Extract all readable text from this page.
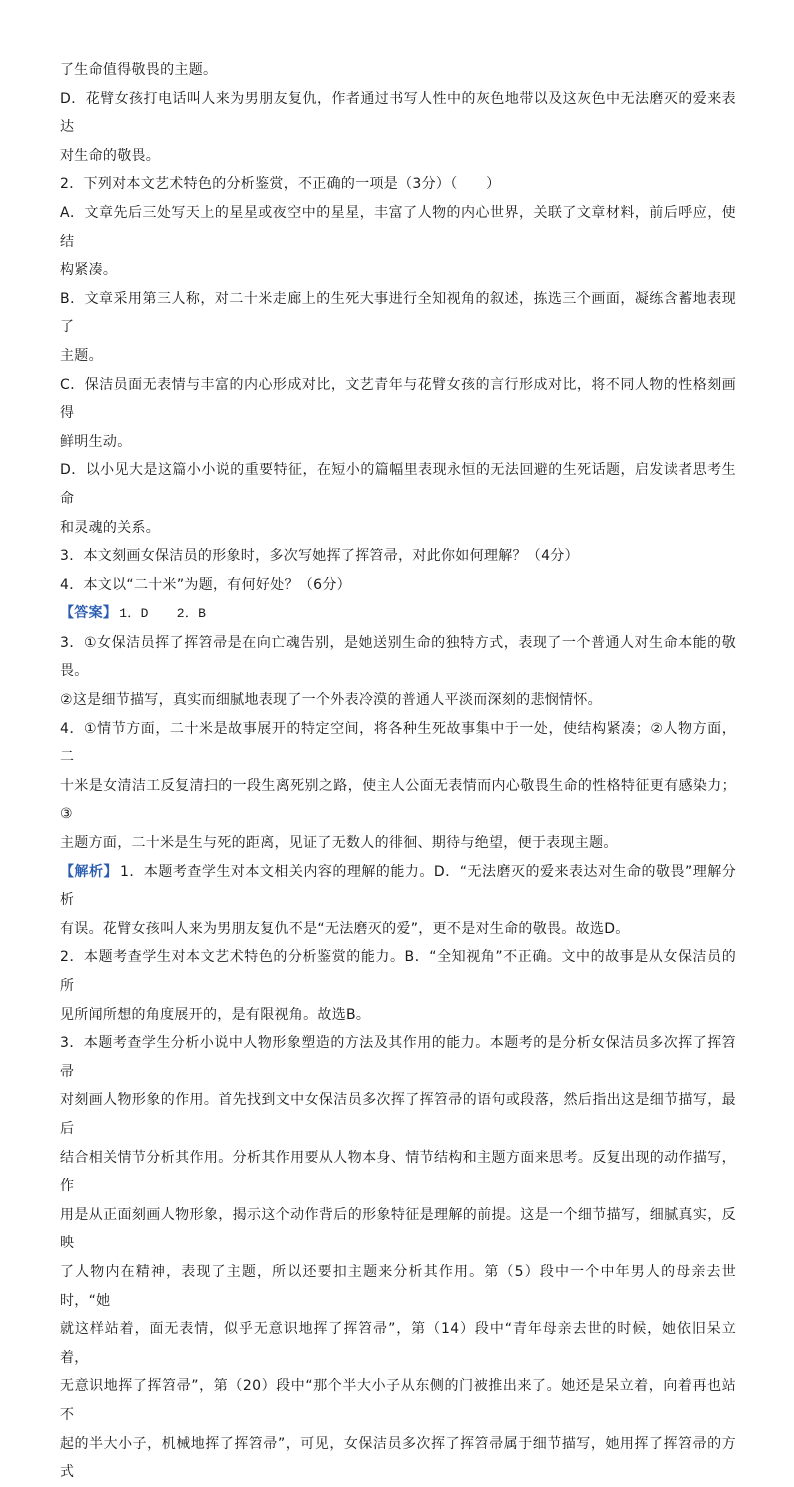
了生命值得敬畏的主题。

D．花臂女孩打电话叫人来为男朋友复仇，作者通过书写人性中的灰色地带以及这灰色中无法磨灭的爱来表达

对生命的敬畏。

2．下列对本文艺术特色的分析鉴赏，不正确的一项是（3分）（　　）

A．文章先后三处写天上的星星或夜空中的星星，丰富了人物的内心世界，关联了文章材料，前后呼应，使结

构紧凑。

B．文章采用第三人称，对二十米走廊上的生死大事进行全知视角的叙述，拣选三个画面，凝练含蓄地表现了

主题。

C．保洁员面无表情与丰富的内心形成对比，文艺青年与花臂女孩的言行形成对比，将不同人物的性格刻画得

鲜明生动。

D．以小见大是这篇小小说的重要特征，在短小的篇幅里表现永恒的无法回避的生死话题，启发读者思考生命

和灵魂的关系。

3．本文刻画女保洁员的形象时，多次写她挥了挥笤帚，对此你如何理解？（4分）

4．本文以“二十米”为题，有何好处？（6分）

【答案】 1．D 2．B

3．①女保洁员挥了挥笤帚是在向亡魂告别，是她送别生命的独特方式，表现了一个普通人对生命本能的敬畏。

②这是细节描写，真实而细腻地表现了一个外表冷漠的普通人平淡而深刻的悲悯情怀。

4．①情节方面，二十米是故事展开的特定空间，将各种生死故事集中于一处，使结构紧凑；②人物方面，二

十米是女清洁工反复清扫的一段生离死别之路，使主人公面无表情而内心敬畏生命的性格特征更有感染力；③

主题方面，二十米是生与死的距离，见证了无数人的徘徊、期待与绝望，便于表现主题。

【解析】 1．本题考查学生对本文相关内容的理解的能力。D．“无法磨灭的爱来表达对生命的敬畏”理解分析

有误。花臂女孩叫人来为男朋友复仇不是“无法磨灭的爱”，更不是对生命的敬畏。故选D。

2．本题考查学生对本文艺术特色的分析鉴赏的能力。B．“全知视角”不正确。文中的故事是从女保洁员的所

见所闻所想的角度展开的，是有限视角。故选B。

3．本题考查学生分析小说中人物形象塑造的方法及其作用的能力。本题考的是分析女保洁员多次挥了挥笤帚

对刻画人物形象的作用。首先找到文中女保洁员多次挥了挥笤帚的语句或段落，然后指出这是细节描写，最后

结合相关情节分析其作用。分析其作用要从人物本身、情节结构和主题方面来思考。反复出现的动作描写，作

用是从正面刻画人物形象，揭示这个动作背后的形象特征是理解的前提。这是一个细节描写，细腻真实，反映

了人物内在精神，表现了主题，所以还要扣主题来分析其作用。第（5）段中一个中年男人的母亲去世时，“她

就这样站着，面无表情，似乎无意识地挥了挥笤帚”，第（14）段中“青年母亲去世的时候，她依旧呆立着，

无意识地挥了挥笤帚”，第（20）段中“那个半大小子从东侧的门被推出来了。她还是呆立着，向着再也站不

起的半大小子，机械地挥了挥笤帚”，可见，女保洁员多次挥了挥笤帚属于细节描写，她用挥了挥笤帚的方式
